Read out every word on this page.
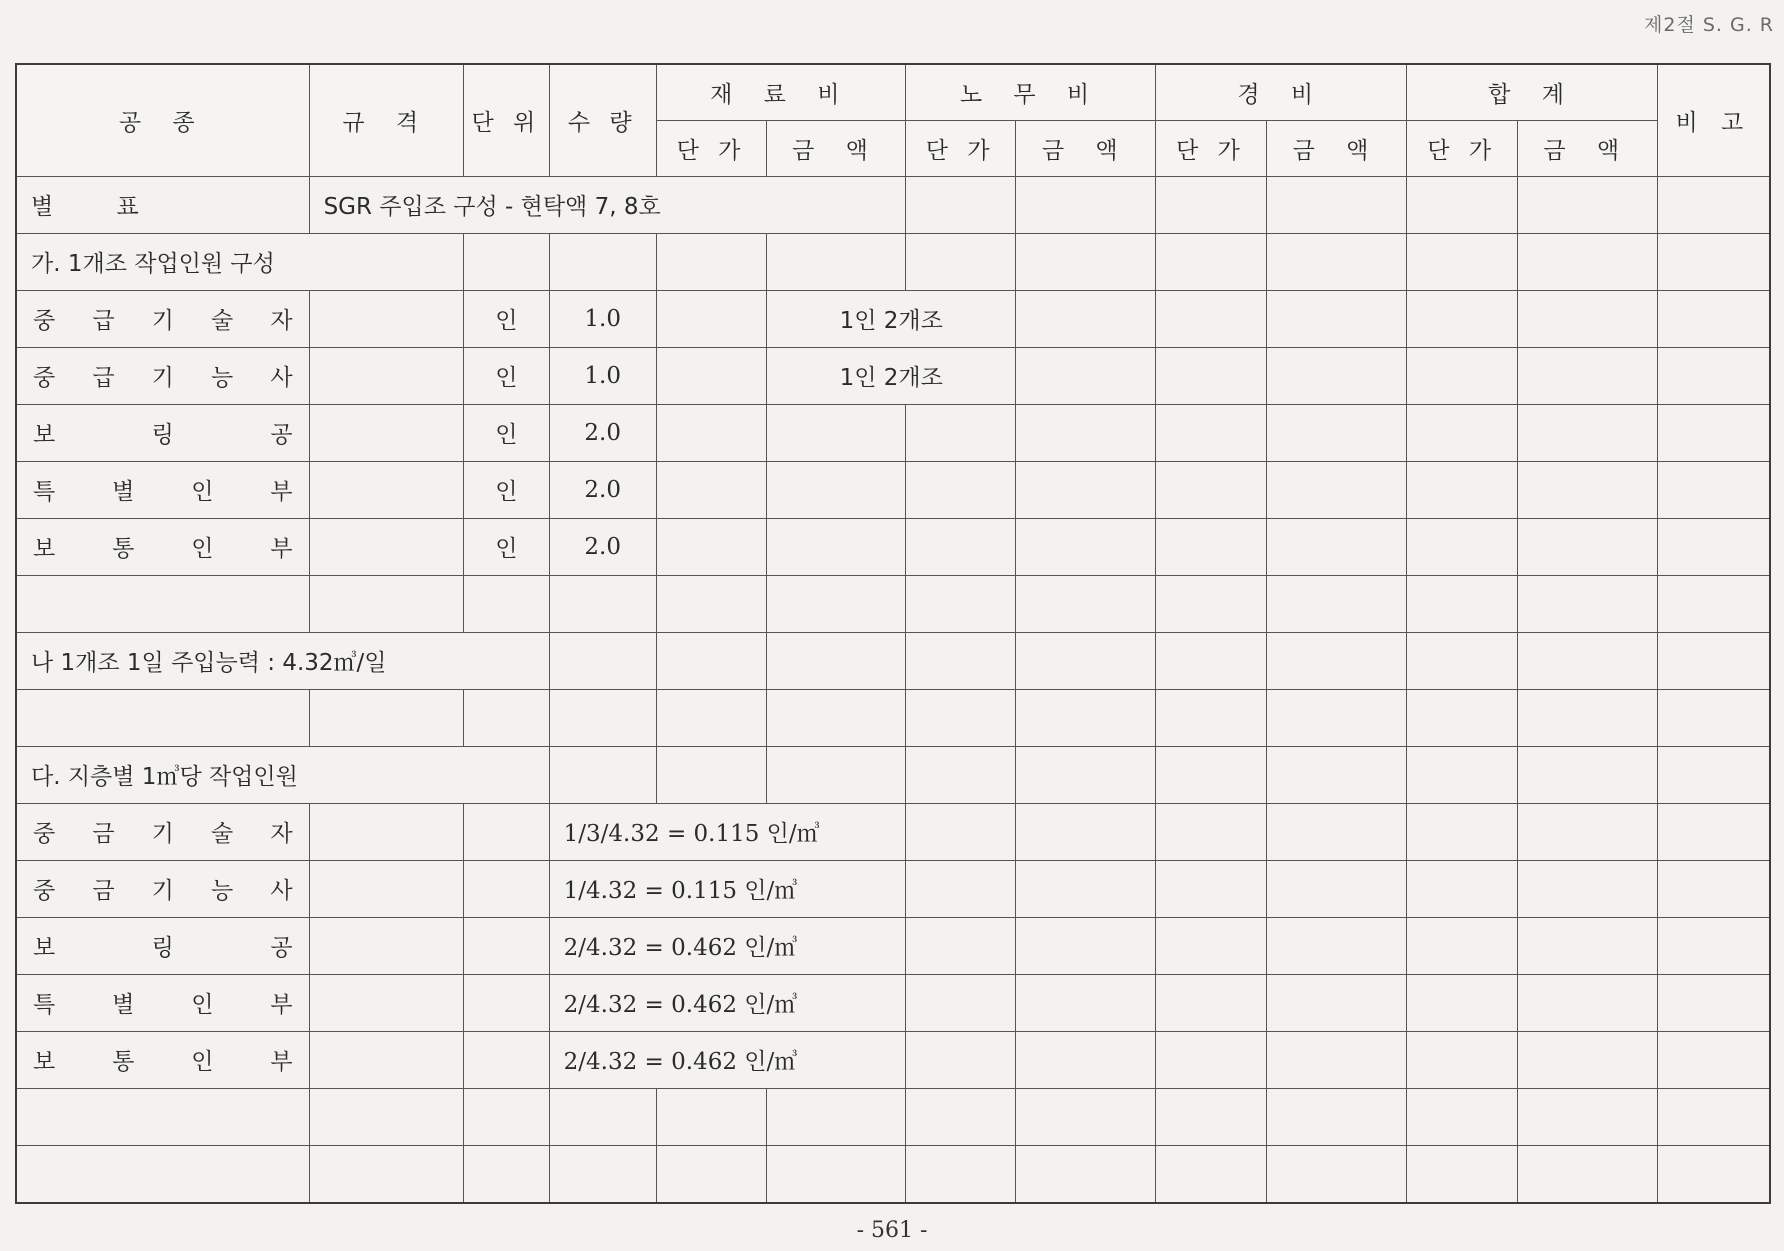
제2절 S. G. R
공 종	규 격	단 위	수 량	재 료 비		노 무 비		경 비		합 계		비 고
				단 가	금 액	단 가	금 액	단 가	금 액	단 가	금 액	
별 표	SGR 주입조 구성 - 현탁액 7, 8호											
가. 1개조 작업인원 구성												
중 급 기 술 자		인	1.0		1인 2개조							
중 급 기 능 사		인	1.0		1인 2개조							
보 링 공		인	2.0									
특 별 인 부		인	2.0									
보 통 인 부		인	2.0									

나 1개조 1일 주입능력 : 4.32㎥/일												

다. 지층별 1㎥당 작업인원												
중 금 기 술 자			1/3/4.32 = 0.115 인/㎥									
중 금 기 능 사			1/4.32 = 0.115 인/㎥									
보 링 공			2/4.32 = 0.462 인/㎥									
특 별 인 부			2/4.32 = 0.462 인/㎥									
보 통 인 부			2/4.32 = 0.462 인/㎥									

- 561 -
